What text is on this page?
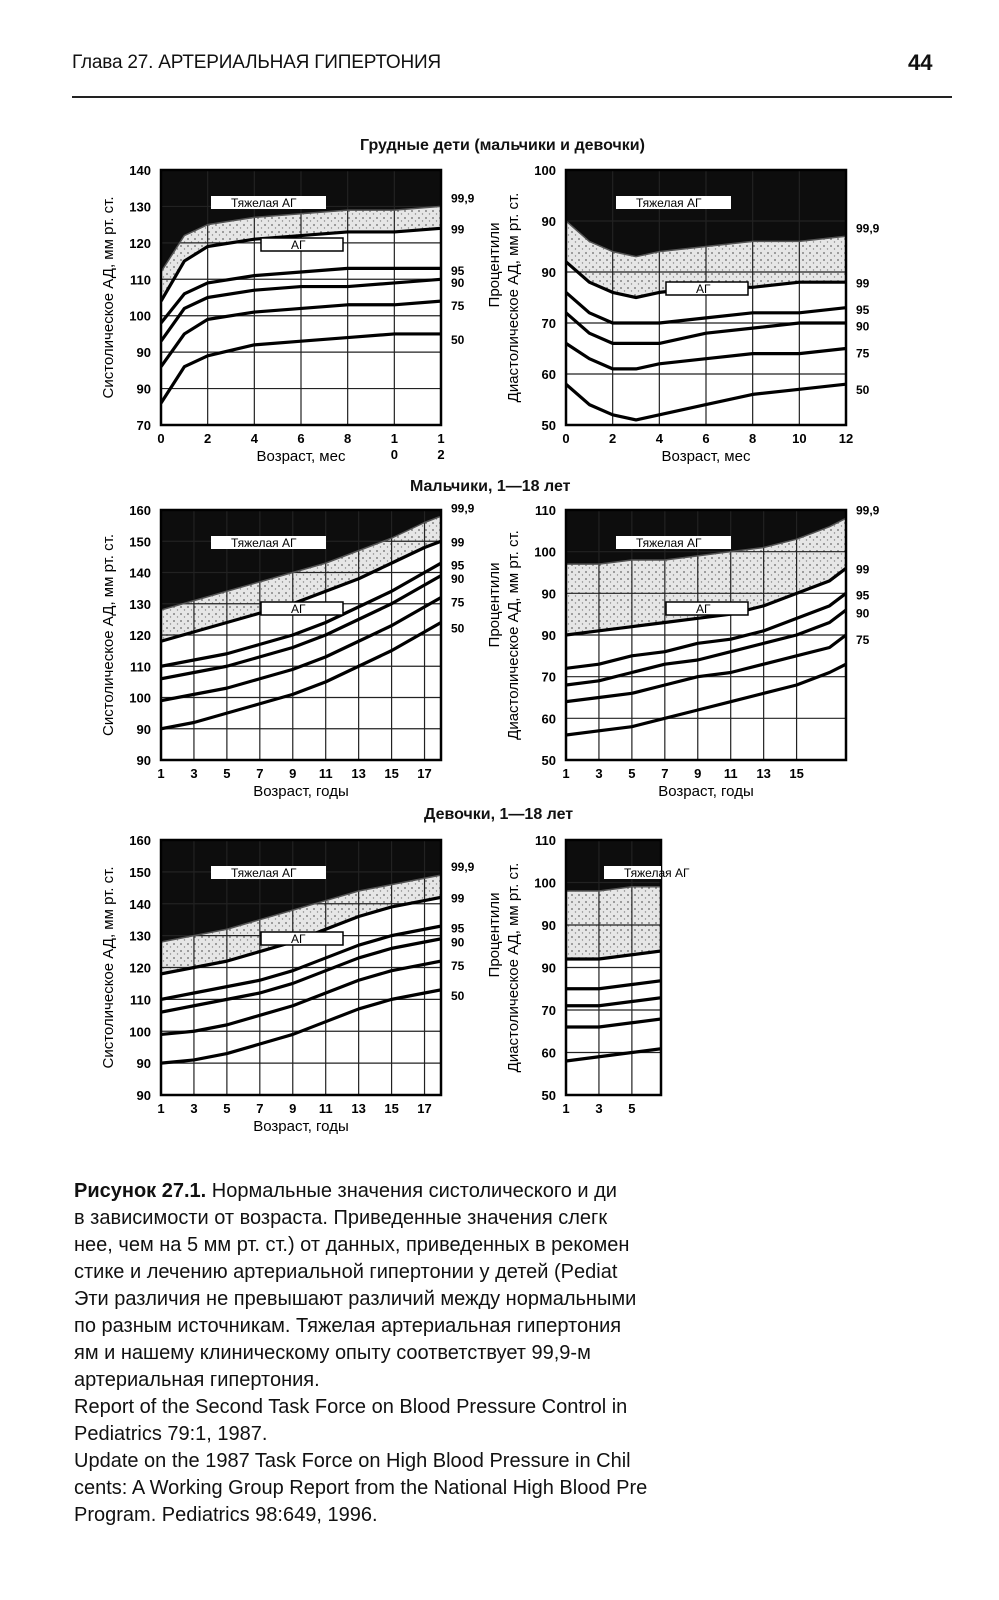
Глава 27. АРТЕРИАЛЬНАЯ ГИПЕРТОНИЯ	44
Грудные дети (мальчики и девочки)
Мальчики, 1—18 лет
Девочки, 1—18 лет
Тяжелая АГ
АГ
140
130
120
110
100
90
90
70
0	2	4	6	8	1
0
1
2
Возраст, мес
Систолическое АД, мм рт. ст.	99,9
99
95
90
75
50
Процентили
Тяжелая АГ
АГ
100
90
90
70
60
50
0	2	4	6	8	10 12
Возраст, мес
Диастолическое АД, мм рт. ст.	99,9
99
95
90
75
50
Тяжелая АГ
АГ
160
150
140
130
120
110
100
90
90
1 3 5 7 9 11 13 15 17
Возраст, годы
Систолическое АД, мм рт. ст.
99,9
99
95
90
75
50 Процентили
Тяжелая АГ
АГ
110
100
90
90
70
60
50
1 3 5 7 9 11 13 15
Возраст, годы
Диастолическое АД, мм рт. ст.
99,9
99
95
90
75
Тяжелая АГ
АГ
160
150
140
130
120
110
100
90
90
1 3 5 7 9 11 13 15 17
Возраст, годы
Систолическое АД, мм рт. ст.	99,9
99
95
90
75
50
Процентили
Тяжелая АГ
110
100
90
90
70
60
50
1 3 5
Диастолическое АД, мм рт. ст.

Рисунок 27.1. Нормальные значения систолического и ди

в зависимости от возраста. Приведенные значения слегк

нее, чем на 5 мм рт. ст.) от данных, приведенных в рекомен

стике и лечению артериальной гипертонии у детей (Pediat

Эти различия не превышают различий между нормальными

по разным источникам. Тяжелая артериальная гипертония

ям и нашему клиническому опыту соответствует 99,9-м

артериальная гипертония.

Report of the Second Task Force on Blood Pressure Control in

Pediatrics 79:1, 1987.

Update on the 1987 Task Force on High Blood Pressure in Chil

cents: A Working Group Report from the National High Blood Pre

Program. Pediatrics 98:649, 1996.
